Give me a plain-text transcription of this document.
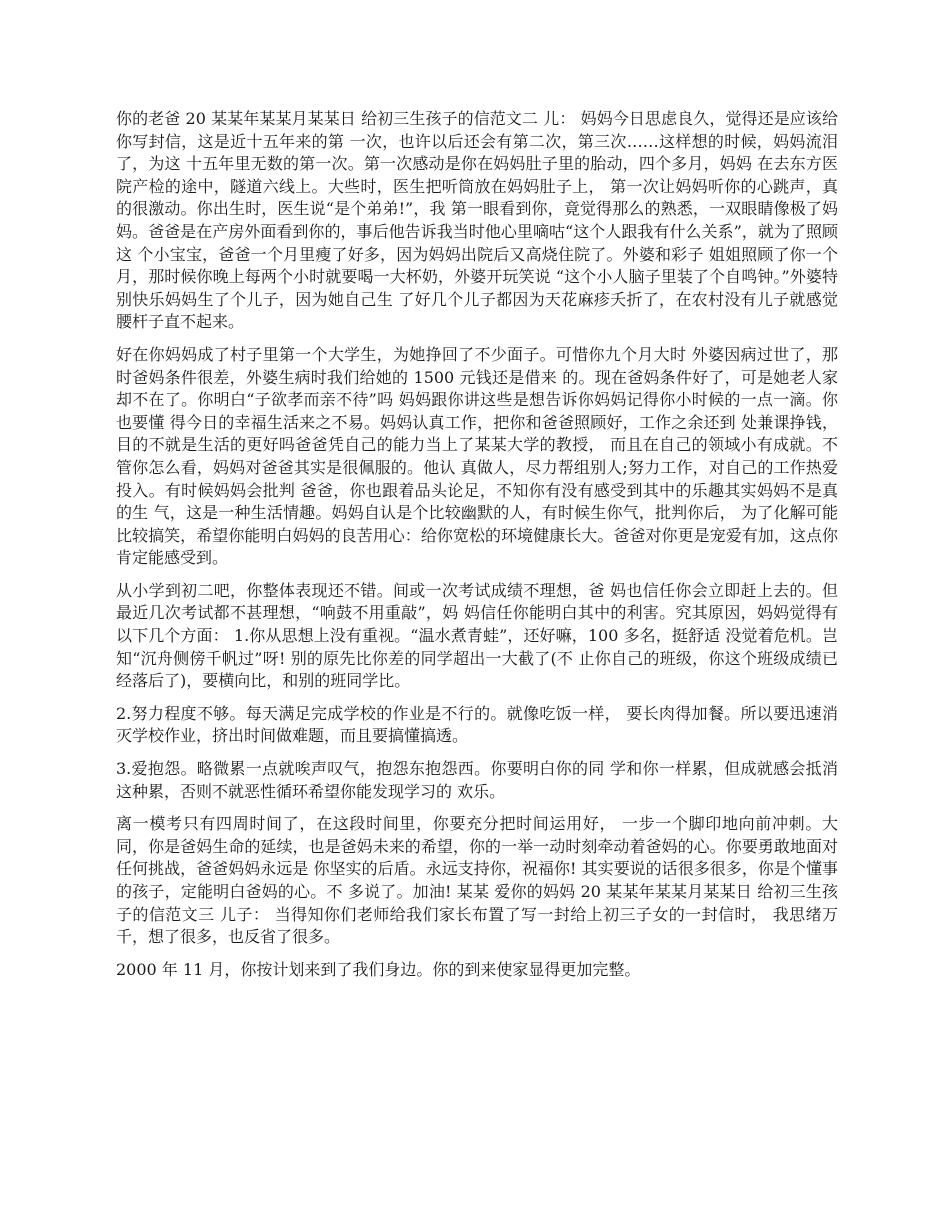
你的老爸 20 某某年某某月某某日 给初三生孩子的信范文二 儿： 妈妈今日思虑良久，觉得还是应该给你写封信，这是近十五年来的第 一次，也许以后还会有第二次，第三次……这样想的时候，妈妈流泪了，为这 十五年里无数的第一次。第一次感动是你在妈妈肚子里的胎动，四个多月，妈妈 在去东方医院产检的途中，隧道六线上。大些时，医生把听筒放在妈妈肚子上， 第一次让妈妈听你的心跳声，真的很激动。你出生时，医生说“是个弟弟!”，我 第一眼看到你，竟觉得那么的熟悉，一双眼睛像极了妈妈。爸爸是在产房外面看到你的，事后他告诉我当时他心里嘀咕“这个人跟我有什么关系”，就为了照顾这 个小宝宝，爸爸一个月里瘦了好多，因为妈妈出院后又高烧住院了。外婆和彩子 姐姐照顾了你一个月，那时候你晚上每两个小时就要喝一大杯奶，外婆开玩笑说 “这个小人脑子里装了个自鸣钟。”外婆特别快乐妈妈生了个儿子，因为她自己生 了好几个儿子都因为天花麻疹夭折了，在农村没有儿子就感觉腰杆子直不起来。

好在你妈妈成了村子里第一个大学生，为她挣回了不少面子。可惜你九个月大时 外婆因病过世了，那时爸妈条件很差，外婆生病时我们给她的 1500 元钱还是借来 的。现在爸妈条件好了，可是她老人家却不在了。你明白“子欲孝而亲不待”吗 妈妈跟你讲这些是想告诉你妈妈记得你小时候的一点一滴。你也要懂 得今日的幸福生活来之不易。妈妈认真工作，把你和爸爸照顾好，工作之余还到 处兼课挣钱，目的不就是生活的更好吗爸爸凭自己的能力当上了某某大学的教授， 而且在自己的领域小有成就。不管你怎么看，妈妈对爸爸其实是很佩服的。他认 真做人，尽力帮组别人;努力工作，对自己的工作热爱投入。有时候妈妈会批判 爸爸，你也跟着品头论足，不知你有没有感受到其中的乐趣其实妈妈不是真的生 气，这是一种生活情趣。妈妈自认是个比较幽默的人，有时候生你气，批判你后， 为了化解可能比较搞笑，希望你能明白妈妈的良苦用心：给你宽松的环境健康长大。爸爸对你更是宠爱有加，这点你肯定能感受到。

从小学到初二吧，你整体表现还不错。间或一次考试成绩不理想，爸 妈也信任你会立即赶上去的。但最近几次考试都不甚理想，“响鼓不用重敲”，妈 妈信任你能明白其中的利害。究其原因，妈妈觉得有以下几个方面： 1.你从思想上没有重视。“温水煮青蛙”，还好嘛，100 多名，挺舒适 没觉着危机。岂知“沉舟侧傍千帆过”呀! 别的原先比你差的同学超出一大截了(不 止你自己的班级，你这个班级成绩已经落后了)，要横向比，和别的班同学比。

2.努力程度不够。每天满足完成学校的作业是不行的。就像吃饭一样， 要长肉得加餐。所以要迅速消灭学校作业，挤出时间做难题，而且要搞懂搞透。

3.爱抱怨。略微累一点就唉声叹气，抱怨东抱怨西。你要明白你的同 学和你一样累，但成就感会抵消这种累，否则不就恶性循环希望你能发现学习的 欢乐。

离一模考只有四周时间了，在这段时间里，你要充分把时间运用好， 一步一个脚印地向前冲刺。大同，你是爸妈生命的延续，也是爸妈未来的希望，你的一举一动时刻牵动着爸妈的心。你要勇敢地面对任何挑战，爸爸妈妈永远是 你坚实的后盾。永远支持你，祝福你! 其实要说的话很多很多，你是个懂事的孩子，定能明白爸妈的心。不 多说了。加油! 某某 爱你的妈妈 20 某某年某某月某某日 给初三生孩子的信范文三 儿子： 当得知你们老师给我们家长布置了写一封给上初三子女的一封信时， 我思绪万千，想了很多，也反省了很多。

2000 年 11 月，你按计划来到了我们身边。你的到来使家显得更加完整。
